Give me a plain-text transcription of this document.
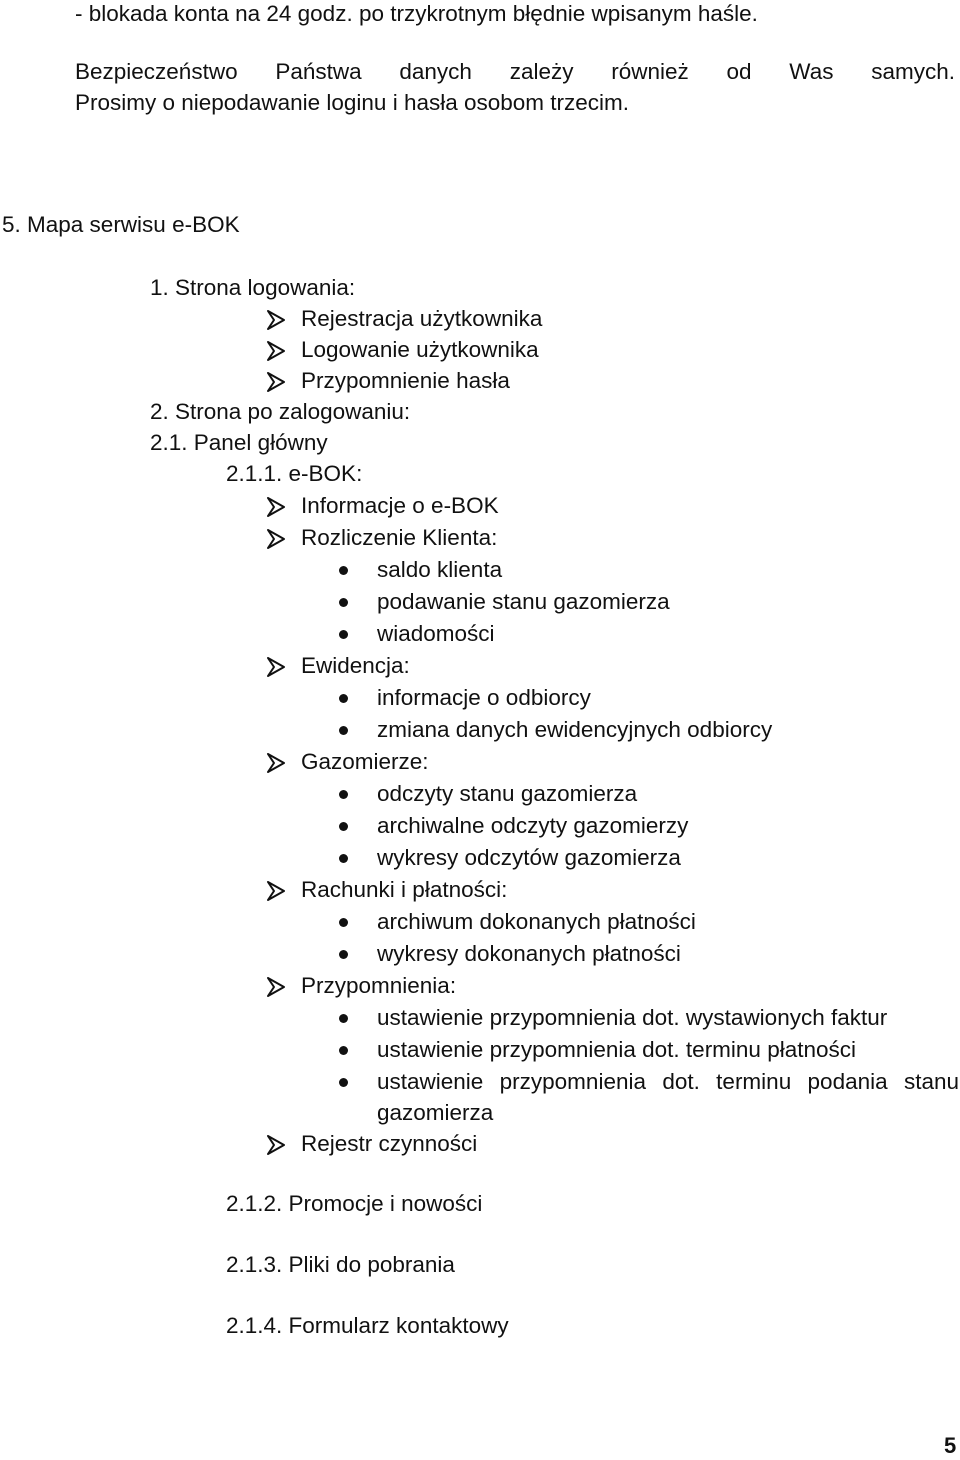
- blokada konta na 24 godz. po trzykrotnym błędnie wpisanym haśle.
Bezpieczeństwo Państwa danych zależy również od Was samych.
Prosimy o niepodawanie loginu i hasła osobom trzecim.
5. Mapa serwisu e-BOK
1. Strona logowania:
Rejestracja użytkownika
Logowanie użytkownika
Przypomnienie hasła
2. Strona po zalogowaniu:
2.1. Panel główny
2.1.1. e-BOK:
Informacje o e-BOK
Rozliczenie Klienta:
saldo klienta
podawanie stanu gazomierza
wiadomości
Ewidencja:
informacje o odbiorcy
zmiana danych ewidencyjnych odbiorcy
Gazomierze:
odczyty stanu gazomierza
archiwalne odczyty gazomierzy
wykresy odczytów gazomierza
Rachunki i płatności:
archiwum dokonanych płatności
wykresy dokonanych płatności
Przypomnienia:
ustawienie przypomnienia dot. wystawionych faktur
ustawienie przypomnienia dot. terminu płatności
ustawienie przypomnienia dot. terminu podania stanu
gazomierza
Rejestr czynności
2.1.2. Promocje i nowości
2.1.3. Pliki do pobrania
2.1.4. Formularz kontaktowy
5
